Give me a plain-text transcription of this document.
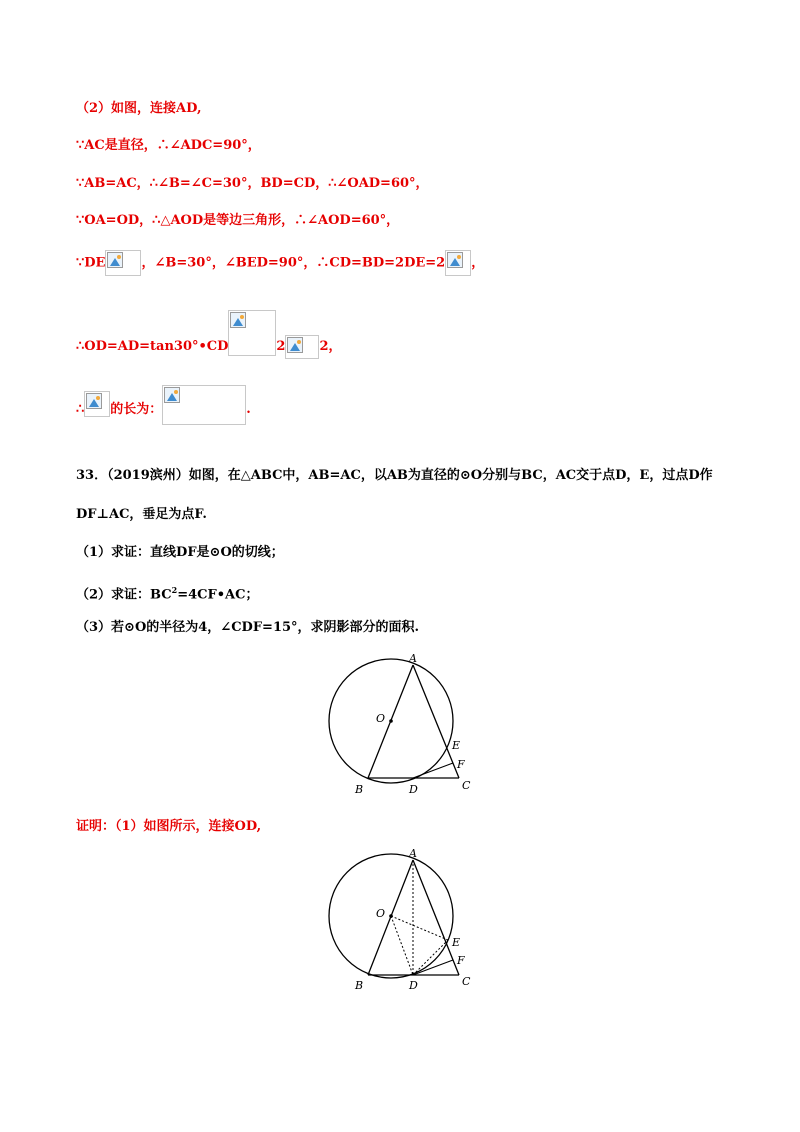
（2）如图，连接AD,
∵AC是直径，∴∠ADC=90°，
∵AB=AC，∴∠B=∠C=30°，BD=CD，∴∠OAD=60°，
∵OA=OD，∴△AOD是等边三角形，∴∠AOD=60°，
∵DE	，∠B=30°，∠BED=90°，∴CD=BD=2DE=2 ，
∴OD=AD=tan30°•CD	2	2，
∴ 的长为：	.
33．（2019滨州）如图，在△ABC中，AB=AC，以AB为直径的⊙O分别与BC，AC交于点D，E，过点D作
DF⊥AC，垂足为点F.
（1）求证：直线DF是⊙O的切线；
（2）求证：$BC^2=4CF•AC$；
（3）若⊙O的半径为4，∠CDF=15°，求阴影部分的面积.
A
O
E
F
B	D	C
证明：（1）如图所示，连接OD,
A
O
E
F
B	D	C
